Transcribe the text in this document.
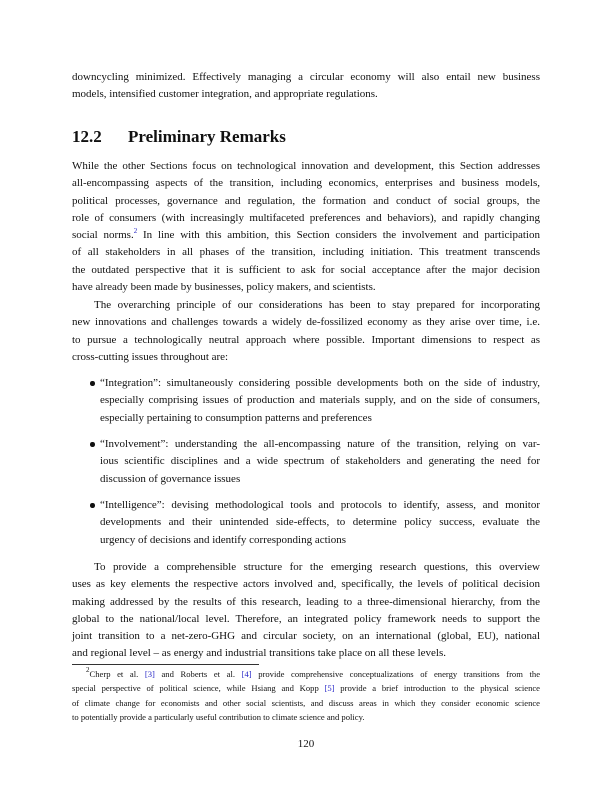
downcycling minimized. Effectively managing a circular economy will also entail new business
models, intensified customer integration, and appropriate regulations.
12.2 Preliminary Remarks
While the other Sections focus on technological innovation and development, this Section addresses
all-encompassing aspects of the transition, including economics, enterprises and business models,
political processes, governance and regulation, the formation and conduct of social groups, the
role of consumers (with increasingly multifaceted preferences and behaviors), and rapidly changing
social norms.$^2$ In line with this ambition, this Section considers the involvement and participation
of all stakeholders in all phases of the transition, including initiation. This treatment transcends
the outdated perspective that it is sufficient to ask for social acceptance after the major decision
have already been made by businesses, policy makers, and scientists.
The overarching principle of our considerations has been to stay prepared for incorporating
new innovations and challenges towards a widely de-fossilized economy as they arise over time, i.e.
to pursue a technologically neutral approach where possible. Important dimensions to respect as
cross-cutting issues throughout are:
“Integration”: simultaneously considering possible developments both on the side of industry,
especially comprising issues of production and materials supply, and on the side of consumers,
especially pertaining to consumption patterns and preferences
“Involvement”: understanding the all-encompassing nature of the transition, relying on var-
ious scientific disciplines and a wide spectrum of stakeholders and generating the need for
discussion of governance issues
“Intelligence”: devising methodological tools and protocols to identify, assess, and monitor
developments and their unintended side-effects, to determine policy success, evaluate the
urgency of decisions and identify corresponding actions
To provide a comprehensible structure for the emerging research questions, this overview
uses as key elements the respective actors involved and, specifically, the levels of political decision
making addressed by the results of this research, leading to a three-dimensional hierarchy, from the
global to the national/local level. Therefore, an integrated policy framework needs to support the
joint transition to a net-zero-GHG and circular society, on an international (global, EU), national
and regional level – as energy and industrial transitions take place on all these levels.
$^2$Cherp et al. [3] and Roberts et al. [4] provide comprehensive conceptualizations of energy transitions from the
special perspective of political science, while Hsiang and Kopp [5] provide a brief introduction to the physical science
of climate change for economists and other social scientists, and discuss areas in which they consider economic science
to potentially provide a particularly useful contribution to climate science and policy.
120
